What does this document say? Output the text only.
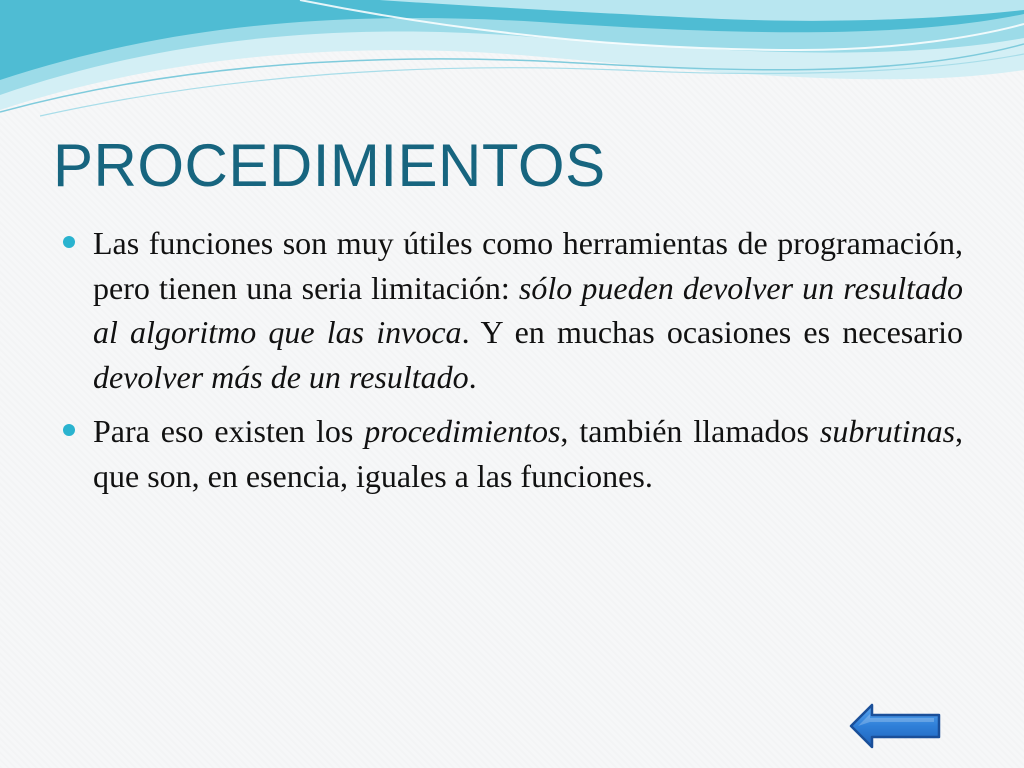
PROCEDIMIENTOS

Las funciones son muy útiles como herramientas de programación, pero tienen una seria limitación: sólo pueden devolver un resultado al algoritmo que las invoca. Y en muchas ocasiones es necesario devolver más de un resultado.

Para eso existen los procedimientos, también llamados subrutinas, que son, en esencia, iguales a las funciones.
